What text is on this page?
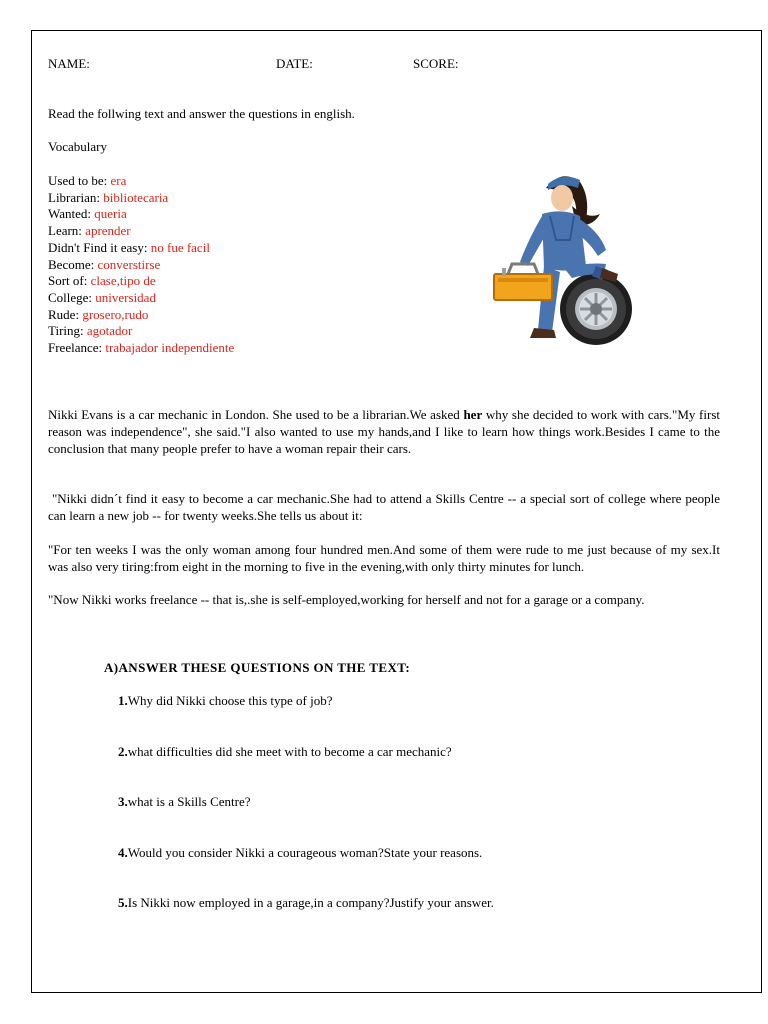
NAME:	DATE:	SCORE:
Read the follwing text and answer the questions in english.
Vocabulary
Used to be: era
Librarian: bibliotecaria
Wanted: queria
Learn: aprender
Didn't Find it easy: no fue facil
Become: converstirse
Sort of: clase,tipo de
College: universidad
Rude: grosero,rudo
Tiring: agotador
Freelance: trabajador independiente
Nikki Evans is a car mechanic in London. She used to be a librarian.We asked her why she decided to work with cars."My first reason was independence", she said."I also wanted to use my hands,and I like to learn how things work.Besides I came to the conclusion that many people prefer to have a woman repair their cars.
"Nikki didn´t find it easy to become a car mechanic.She had to attend a Skills Centre -- a special sort of college where people can learn a new job -- for twenty weeks.She tells us about it:
"For ten weeks I was the only woman among four hundred men.And some of them were rude to me just because of my sex.It was also very tiring:from eight in the morning to five in the evening,with only thirty minutes for lunch.
"Now Nikki works freelance -- that is,.she is self-employed,working for herself and not for a garage or a company.
A)ANSWER THESE QUESTIONS ON THE TEXT:
1.Why did Nikki choose this type of job?
2.what difficulties did she meet with to become a car mechanic?
3.what is a Skills Centre?
4.Would you consider Nikki a courageous woman?State your reasons.
5.Is Nikki now employed in a garage,in a company?Justify your answer.
